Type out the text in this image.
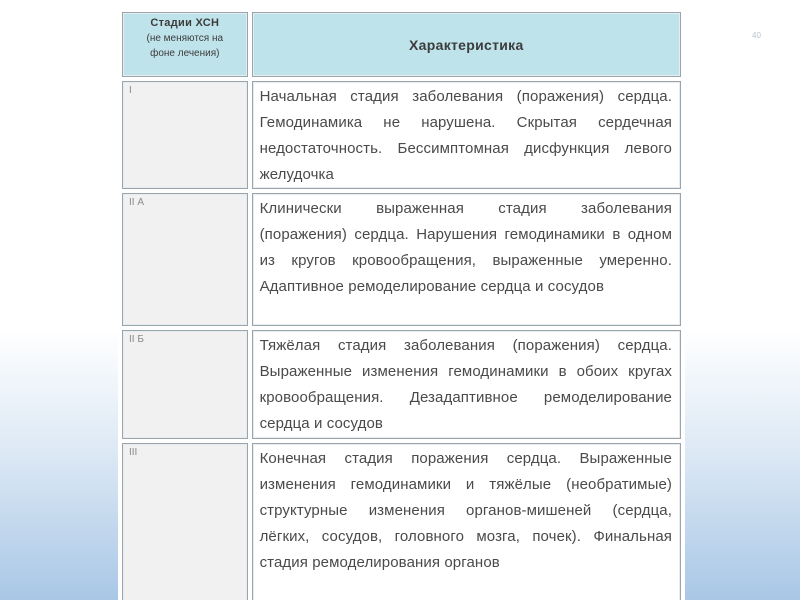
40
Стадии ХСН
(не меняются на
фоне лечения)	Характеристика
I	Начальная стадия заболевания (поражения) сердца. Гемодинамика не нарушена. Скрытая сердечная недостаточность. Бессимптомная дисфункция левого желудочка
II А	Клинически выраженная стадия заболевания (поражения) сердца. Нарушения гемодинамики в одном из кругов кровообращения, выраженные умеренно. Адаптивное ремоделирование сердца и сосудов
II Б	Тяжёлая стадия заболевания (поражения) сердца. Выраженные изменения гемодинамики в обоих кругах кровообращения. Дезадаптивное ремоделирование сердца и сосудов
III	Конечная стадия поражения сердца. Выраженные изменения гемодинамики и тяжёлые (необратимые) структурные изменения органов-мишеней (сердца, лёгких, сосудов, головного мозга, почек). Финальная стадия ремоделирования органов
